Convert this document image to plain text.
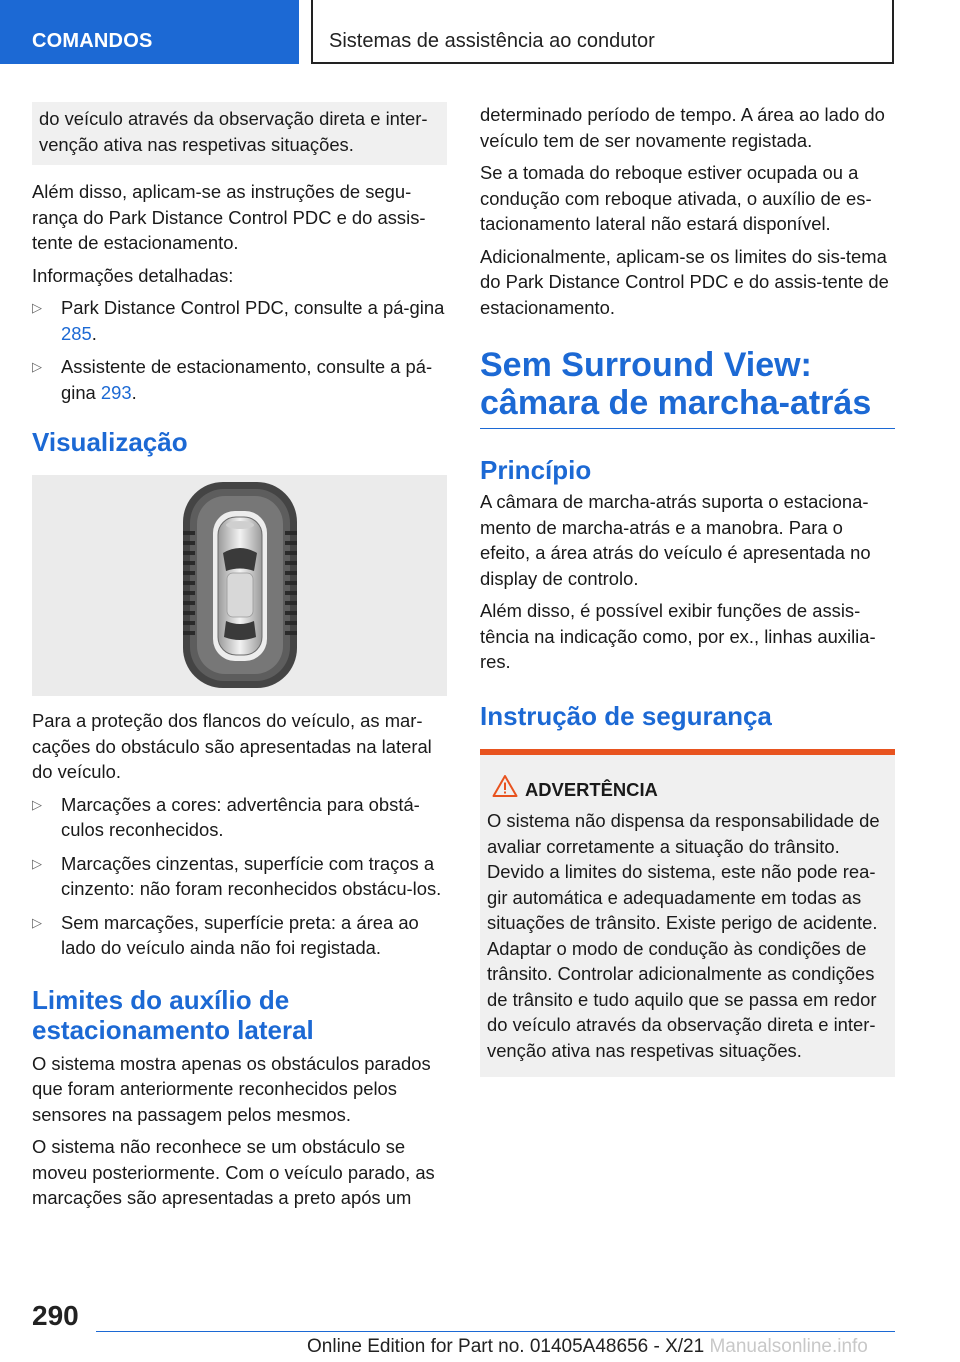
COMANDOS	Sistemas de assistência ao condutor

do veículo através da observação direta e inter-venção ativa nas respetivas situações.

Além disso, aplicam-se as instruções de segu-rança do Park Distance Control PDC e do assis-tente de estacionamento.

Informações detalhadas:

▷ Park Distance Control PDC, consulte a pá-gina 285.
▷ Assistente de estacionamento, consulte a pá-gina 293.
Visualização

Para a proteção dos flancos do veículo, as mar-cações do obstáculo são apresentadas na lateral do veículo.

▷ Marcações a cores: advertência para obstá-culos reconhecidos.
▷ Marcações cinzentas, superfície com traços a cinzento: não foram reconhecidos obstácu-los.
▷ Sem marcações, superfície preta: a área ao lado do veículo ainda não foi registada.
Limites do auxílio de estacionamento lateral

O sistema mostra apenas os obstáculos parados que foram anteriormente reconhecidos pelos sensores na passagem pelos mesmos.

O sistema não reconhece se um obstáculo se moveu posteriormente. Com o veículo parado, as marcações são apresentadas a preto após um

determinado período de tempo. A área ao lado do veículo tem de ser novamente registada.

Se a tomada do reboque estiver ocupada ou a condução com reboque ativada, o auxílio de es-tacionamento lateral não estará disponível.

Adicionalmente, aplicam-se os limites do sis-tema do Park Distance Control PDC e do assis-tente de estacionamento.

Sem Surround View: câmara de marcha-atrás
Princípio

A câmara de marcha-atrás suporta o estaciona-mento de marcha-atrás e a manobra. Para o efeito, a área atrás do veículo é apresentada no display de controlo.

Além disso, é possível exibir funções de assis-tência na indicação como, por ex., linhas auxilia-res.

Instrução de segurança
ADVERTÊNCIA
O sistema não dispensa da responsabilidade de avaliar corretamente a situação do trânsito. Devido a limites do sistema, este não pode rea-gir automática e adequadamente em todas as situações de trânsito. Existe perigo de acidente. Adaptar o modo de condução às condições de trânsito. Controlar adicionalmente as condições de trânsito e tudo aquilo que se passa em redor do veículo através da observação direta e inter-venção ativa nas respetivas situações.
290
Online Edition for Part no. 01405A48656 - X/21 Manualsonline.info
